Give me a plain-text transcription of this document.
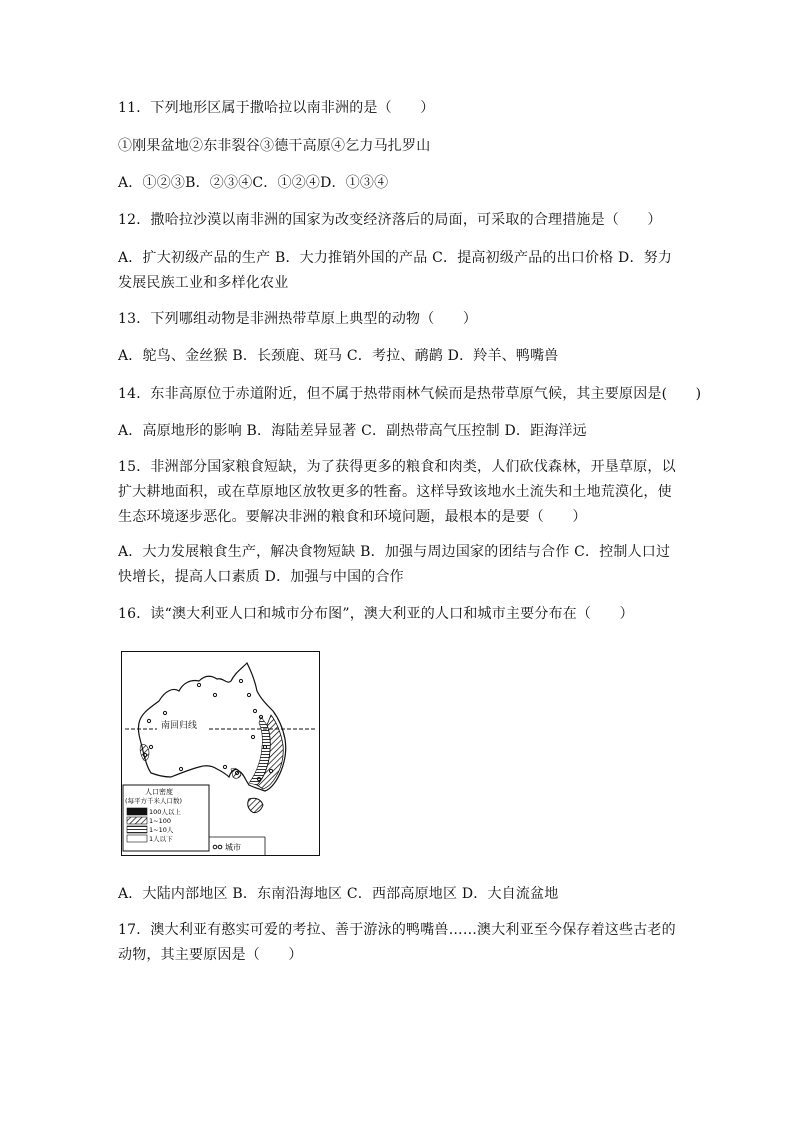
11．下列地形区属于撒哈拉以南非洲的是（　　）
①刚果盆地②东非裂谷③德干高原④乞力马扎罗山
A．①②③B．②③④C．①②④D．①③④
12．撒哈拉沙漠以南非洲的国家为改变经济落后的局面，可采取的合理措施是（　　）
A．扩大初级产品的生产 B．大力推销外国的产品 C．提高初级产品的出口价格 D．努力发展民族工业和多样化农业
13．下列哪组动物是非洲热带草原上典型的动物（　　）
A．鸵鸟、金丝猴 B．长颈鹿、斑马 C．考拉、鸸鹋 D．羚羊、鸭嘴兽
14．东非高原位于赤道附近，但不属于热带雨林气候而是热带草原气候，其主要原因是(　　)
A．高原地形的影响 B．海陆差异显著 C．副热带高气压控制 D．距海洋远
15．非洲部分国家粮食短缺，为了获得更多的粮食和肉类，人们砍伐森林，开垦草原，以扩大耕地面积，或在草原地区放牧更多的牲畜。这样导致该地水土流失和土地荒漠化，使生态环境逐步恶化。要解决非洲的粮食和环境问题，最根本的是要（　　）
A．大力发展粮食生产，解决食物短缺 B．加强与周边国家的团结与合作 C．控制人口过快增长，提高人口素质 D．加强与中国的合作
16．读“澳大利亚人口和城市分布图”，澳大利亚的人口和城市主要分布在（　　）
南回归线
人口密度
(每平方千米人口数)
100人以上
1~100
1~10人
1人以下
城市
A．大陆内部地区 B．东南沿海地区 C．西部高原地区 D．大自流盆地
17．澳大利亚有憨实可爱的考拉、善于游泳的鸭嘴兽……澳大利亚至今保存着这些古老的动物，其主要原因是（　　）
